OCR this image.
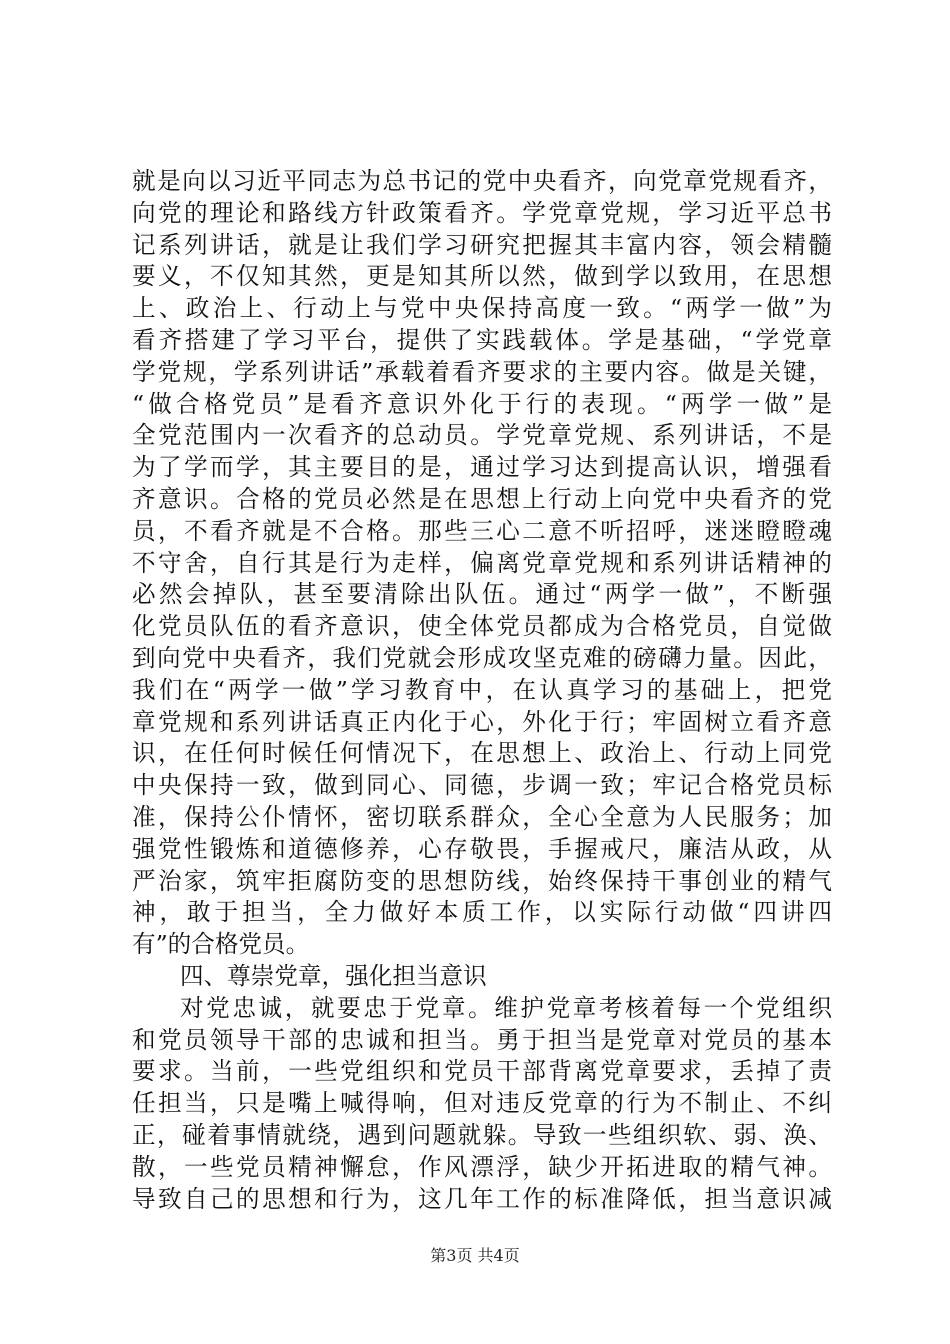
就是向以习近平同志为总书记的党中央看齐，向党章党规看齐，
向党的理论和路线方针政策看齐。学党章党规，学习近平总书
记系列讲话，就是让我们学习研究把握其丰富内容，领会精髓
要义，不仅知其然，更是知其所以然，做到学以致用，在思想
上、政治上、行动上与党中央保持高度一致。“两学一做”为
看齐搭建了学习平台，提供了实践载体。学是基础，“学党章
学党规，学系列讲话”承载着看齐要求的主要内容。做是关键，
“做合格党员”是看齐意识外化于行的表现。“两学一做”是
全党范围内一次看齐的总动员。学党章党规、系列讲话，不是
为了学而学，其主要目的是，通过学习达到提高认识，增强看
齐意识。合格的党员必然是在思想上行动上向党中央看齐的党
员，不看齐就是不合格。那些三心二意不听招呼，迷迷瞪瞪魂
不守舍，自行其是行为走样，偏离党章党规和系列讲话精神的
必然会掉队，甚至要清除出队伍。通过“两学一做”，不断强
化党员队伍的看齐意识，使全体党员都成为合格党员，自觉做
到向党中央看齐，我们党就会形成攻坚克难的磅礴力量。因此，
我们在“两学一做”学习教育中，在认真学习的基础上，把党
章党规和系列讲话真正内化于心，外化于行；牢固树立看齐意
识，在任何时候任何情况下，在思想上、政治上、行动上同党
中央保持一致，做到同心、同德，步调一致；牢记合格党员标
准，保持公仆情怀，密切联系群众，全心全意为人民服务；加
强党性锻炼和道德修养，心存敬畏，手握戒尺，廉洁从政，从
严治家，筑牢拒腐防变的思想防线，始终保持干事创业的精气
神，敢于担当，全力做好本质工作，以实际行动做“四讲四
有”的合格党员。
四、尊崇党章，强化担当意识
对党忠诚，就要忠于党章。维护党章考核着每一个党组织
和党员领导干部的忠诚和担当。勇于担当是党章对党员的基本
要求。当前，一些党组织和党员干部背离党章要求，丢掉了责
任担当，只是嘴上喊得响，但对违反党章的行为不制止、不纠
正，碰着事情就绕，遇到问题就躲。导致一些组织软、弱、涣、
散，一些党员精神懈怠，作风漂浮，缺少开拓进取的精气神。
导致自己的思想和行为，这几年工作的标准降低，担当意识减
第3页 共4页
